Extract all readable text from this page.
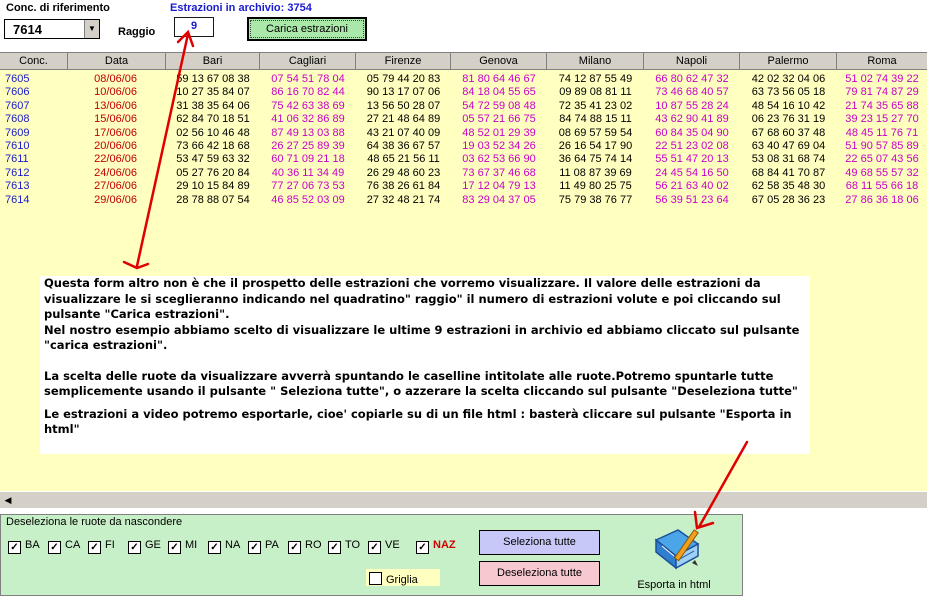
Conc. di riferimento	Estrazioni in archivio: 3754
7614	▼ Raggio	9	Carica estrazioni
Conc.	Data	Bari	Cagliari	Firenze	Genova	Milano	Napoli	Palermo	Roma
7605	08/06/06	59 13 67 08 38	07 54 51 78 04	05 79 44 20 83	81 80 64 46 67	74 12 87 55 49	66 80 62 47 32	42 02 32 04 06	51 02 74 39 22
7606	10/06/06	10 27 35 84 07	86 16 70 82 44	90 13 17 07 06	84 18 04 55 65	09 89 08 81 11	73 46 68 40 57	63 73 56 05 18	79 81 74 87 29
7607	13/06/06	31 38 35 64 06	75 42 63 38 69	13 56 50 28 07	54 72 59 08 48	72 35 41 23 02	10 87 55 28 24	48 54 16 10 42	21 74 35 65 88
7608	15/06/06	62 84 70 18 51	41 06 32 86 89	27 21 48 64 89	05 57 21 66 75	84 74 88 15 11	43 62 90 41 89	06 23 76 31 19	39 23 15 27 70
7609	17/06/06	02 56 10 46 48	87 49 13 03 88	43 21 07 40 09	48 52 01 29 39	08 69 57 59 54	60 84 35 04 90	67 68 60 37 48	48 45 11 76 71
7610	20/06/06	73 66 42 18 68	26 27 25 89 39	64 38 36 67 57	19 03 52 34 26	26 16 54 17 90	22 51 23 02 08	63 40 47 69 04	51 90 57 85 89
7611	22/06/06	53 47 59 63 32	60 71 09 21 18	48 65 21 56 11	03 62 53 66 90	36 64 75 74 14	55 51 47 20 13	53 08 31 68 74	22 65 07 43 56
7612	24/06/06	05 27 76 20 84	40 36 11 34 49	26 29 48 60 23	73 67 37 46 68	11 08 87 39 69	24 45 54 16 50	68 84 41 70 87	49 68 55 57 32
7613	27/06/06	29 10 15 84 89	77 27 06 73 53	76 38 26 61 84	17 12 04 79 13	11 49 80 25 75	56 21 63 40 02	62 58 35 48 30	68 11 55 66 18
7614	29/06/06	28 78 88 07 54	46 85 52 03 09	27 32 48 21 74	83 29 04 37 05	75 79 38 76 77	56 39 51 23 64	67 05 28 36 23	27 86 36 18 06
◀

Questa form altro non è che il prospetto delle estrazioni che vorremo visualizzare. Il valore delle estrazioni da visualizzare le si sceglieranno indicando nel quadratino" raggio" il numero di estrazioni volute e poi cliccando sul pulsante "Carica estrazioni".

Nel nostro esempio abbiamo scelto di visualizzare le ultime 9 estrazioni in archivio ed abbiamo cliccato sul pulsante "carica estrazioni".

La scelta delle ruote da visualizzare avverrà spuntando le caselline intitolate alle ruote.Potremo spuntarle tutte semplicemente usando il pulsante " Seleziona tutte", o azzerare la scelta cliccando sul pulsante "Deseleziona tutte"

Le estrazioni a video potremo esportarle, cioe' copiarle su di un file html : basterà cliccare sul pulsante "Esporta in html"

Deseleziona le ruote da nascondere
✓ BA ✓ CA ✓ FI ✓ GE ✓ MI ✓ NA ✓ PA ✓ RO ✓ TO ✓ VE ✓ NAZ	Seleziona tutte
Deseleziona tutte
Griglia	Esporta in html
